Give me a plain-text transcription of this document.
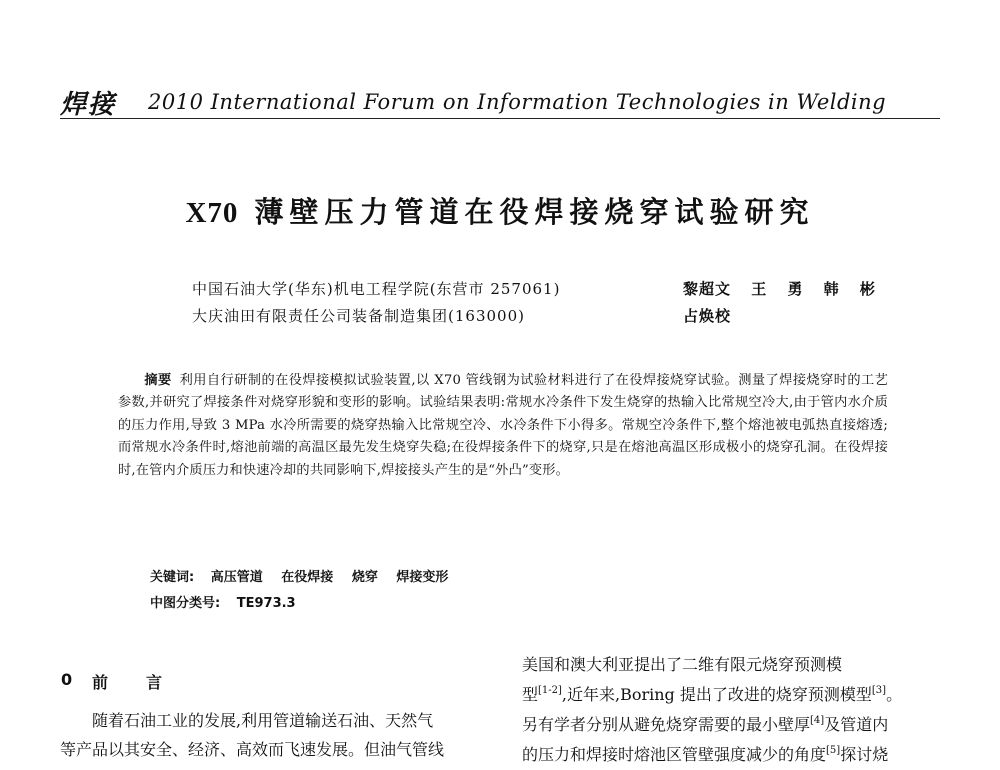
焊接 2010 International Forum on Information Technologies in Welding
X70 薄壁压力管道在役焊接烧穿试验研究
中国石油大学(华东)机电工程学院(东营市 257061)
大庆油田有限责任公司装备制造集团(163000)
黎超文 王 勇 韩 彬
占焕校
摘要 利用自行研制的在役焊接模拟试验装置,以 X70 管线钢为试验材料进行了在役焊接烧穿试验。测量了焊接烧穿时的工艺参数,并研究了焊接条件对烧穿形貌和变形的影响。试验结果表明:常规水冷条件下发生烧穿的热输入比常规空冷大,由于管内水介质的压力作用,导致 3 MPa 水冷所需要的烧穿热输入比常规空冷、水冷条件下小得多。常规空冷条件下,整个熔池被电弧热直接熔透;而常规水冷条件时,熔池前端的高温区最先发生烧穿失稳;在役焊接条件下的烧穿,只是在熔池高温区形成极小的烧穿孔洞。在役焊接时,在管内介质压力和快速冷却的共同影响下,焊接接头产生的是“外凸”变形。
关键词: 高压管道 在役焊接 烧穿 焊接变形
中图分类号: TE973.3
0 前言
随着石油工业的发展,利用管道输送石油、天然气
等产品以其安全、经济、高效而飞速发展。但油气管线
美国和澳大利亚提出了二维有限元烧穿预测模
型[1-2],近年来,Boring 提出了改进的烧穿预测模型[3]。
另有学者分别从避免烧穿需要的最小壁厚[4]及管道内
的压力和焊接时熔池区管壁强度减少的角度[5]探讨烧
